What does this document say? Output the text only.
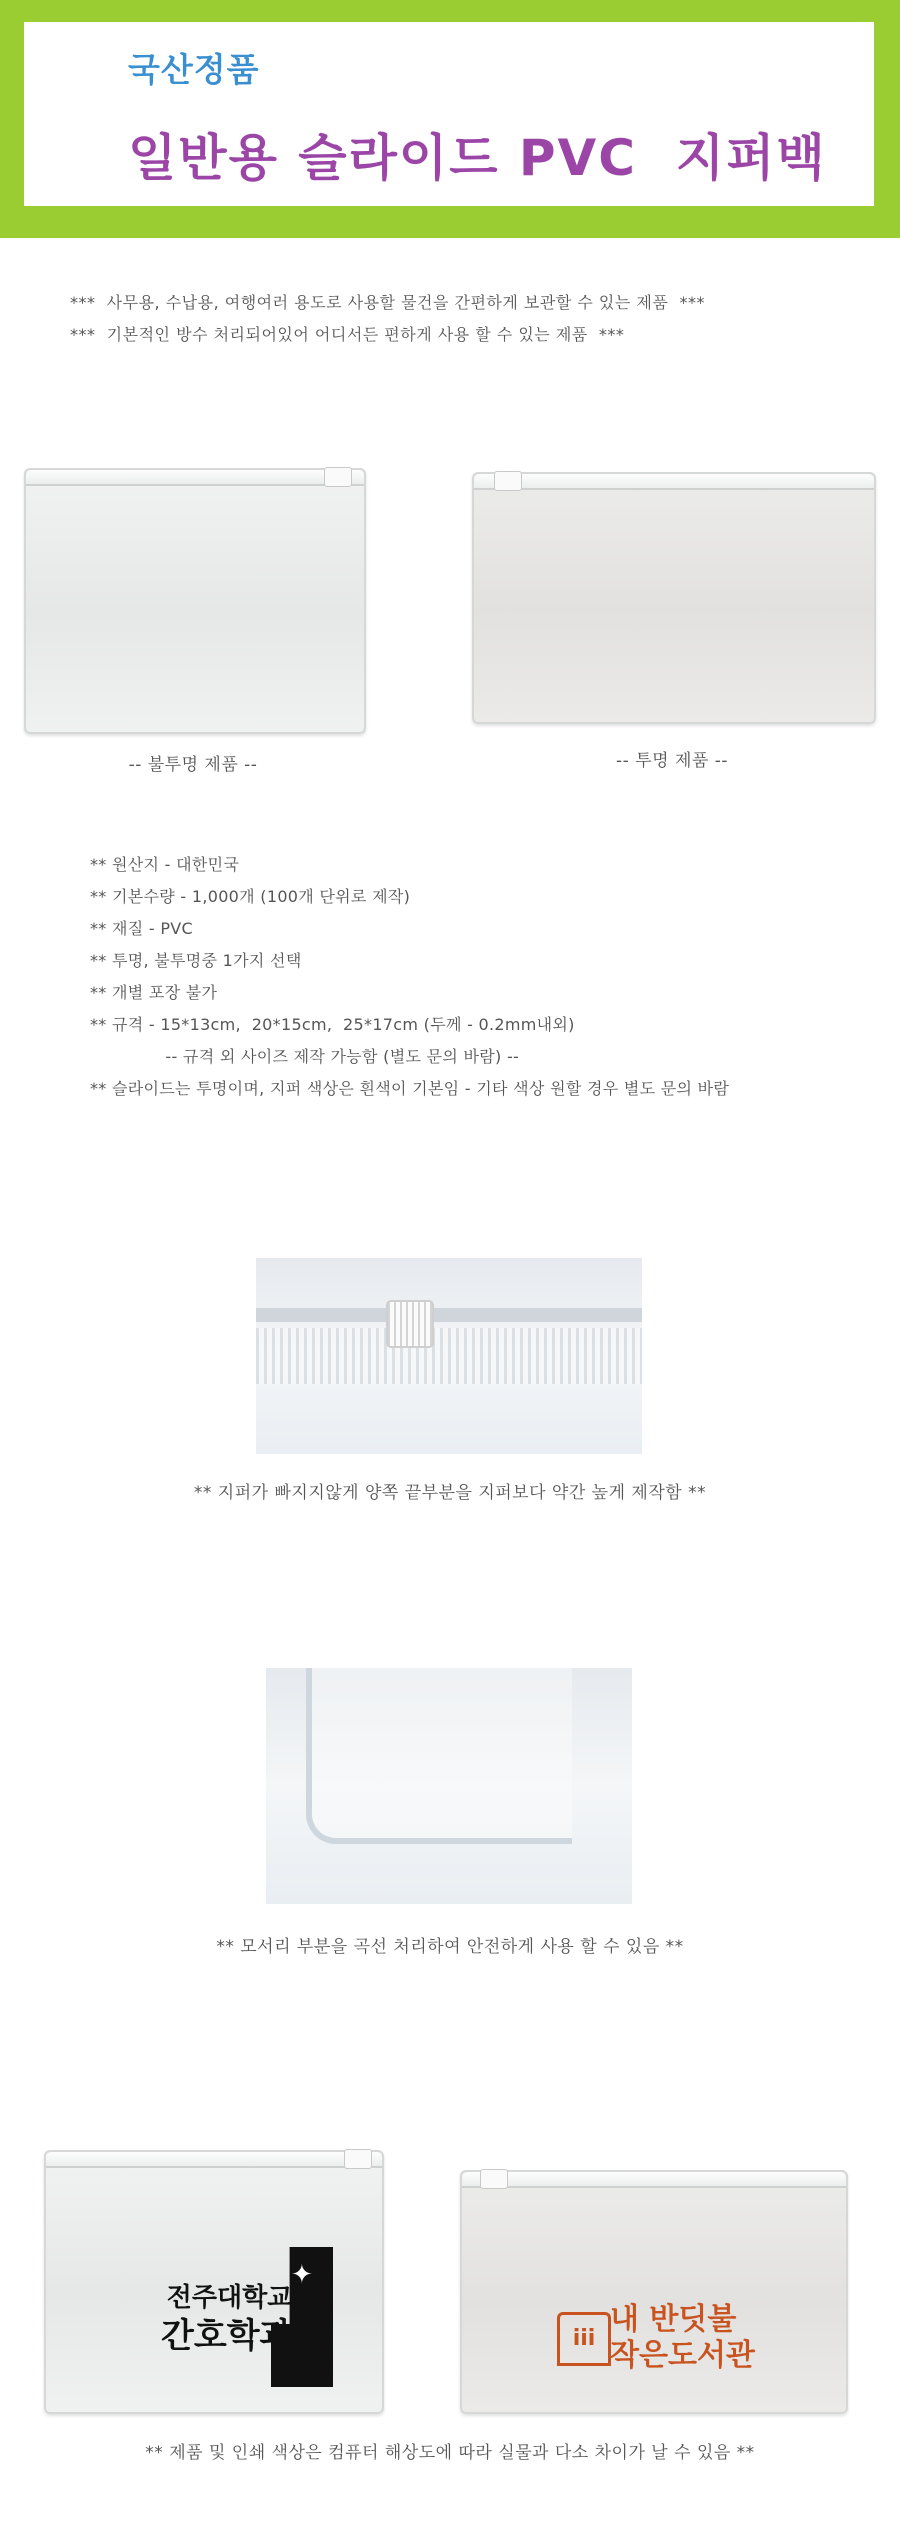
국산정품
일반용 슬라이드 PVC  지퍼백
***  사무용, 수납용, 여행여러 용도로 사용할 물건을 간편하게 보관할 수 있는 제품  ***
***  기본적인 방수 처리되어있어 어디서든 편하게 사용 할 수 있는 제품  ***
-- 불투명 제품 --	-- 투명 제품 --
** 원산지 - 대한민국
** 기본수량 - 1,000개 (100개 단위로 제작)
** 재질 - PVC
** 투명, 불투명중 1가지 선택
** 개별 포장 불가
** 규격 - 15*13cm,  20*15cm,  25*17cm (두께 - 0.2mm내외)
-- 규격 외 사이즈 제작 가능함 (별도 문의 바람) --
** 슬라이드는 투명이며, 지퍼 색상은 흰색이 기본임 - 기타 색상 원할 경우 별도 문의 바람
** 지퍼가 빠지지않게 양쪽 끝부분을 지퍼보다 약간 높게 제작함 **
** 모서리 부분을 곡선 처리하여 안전하게 사용 할 수 있음 **
✦
전주대학교
간호학과	iii
내 반딧불
작은도서관
** 제품 및 인쇄 색상은 컴퓨터 해상도에 따라 실물과 다소 차이가 날 수 있음 **
